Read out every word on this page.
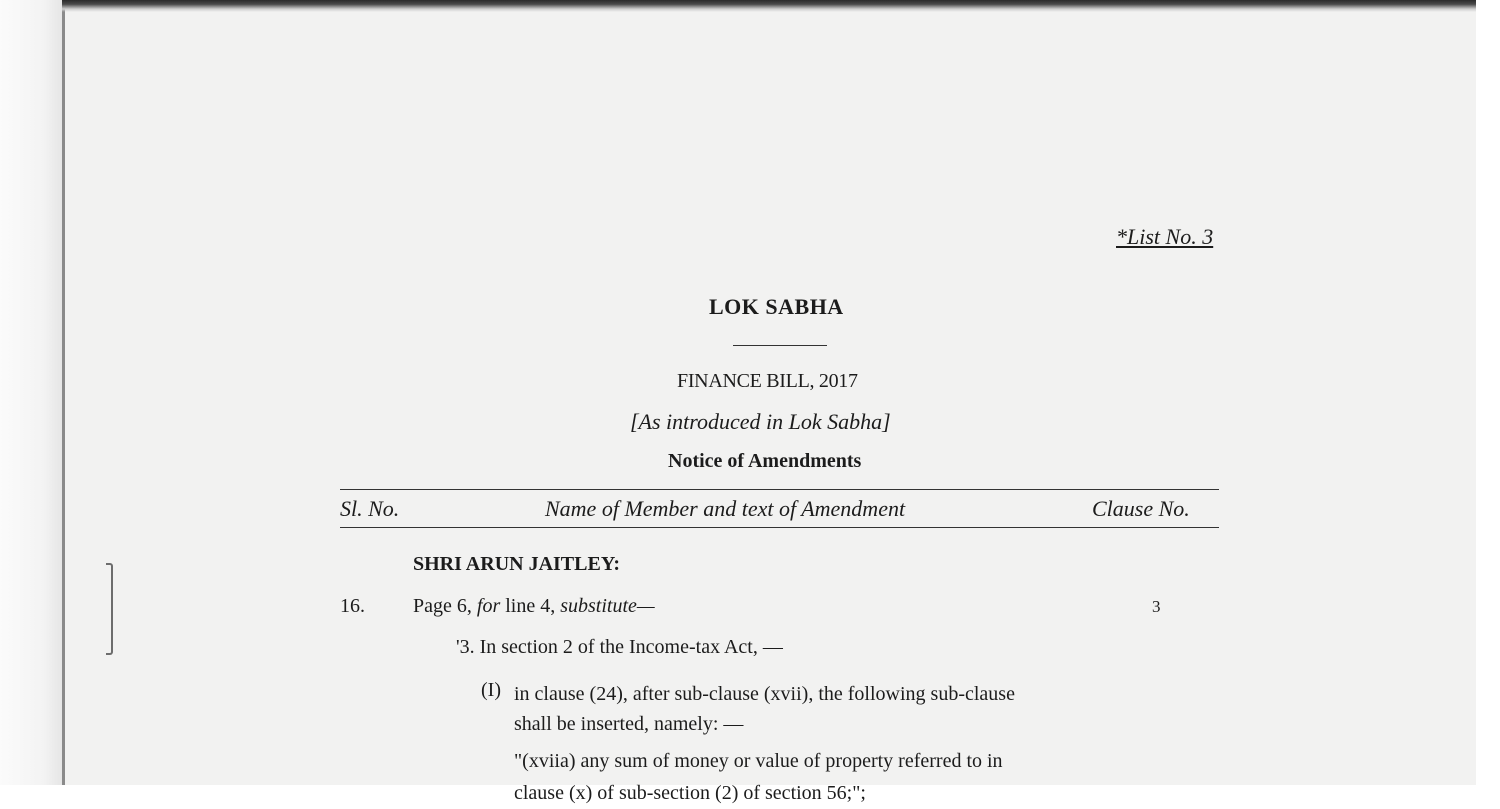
*List No. 3

LOK SABHA

FINANCE BILL, 2017

[As introduced in Lok Sabha]

Notice of Amendments

Sl. No.	Name of Member and text of Amendment	Clause No.

SHRI ARUN JAITLEY:

16. Page 6, for line 4, substitute—	3

'3. In section 2 of the Income-tax Act, —

(I) in clause (24), after sub-clause (xvii), the following sub-clause
shall be inserted, namely: —
"(xviia) any sum of money or value of property referred to in
clause (x) of sub-section (2) of section 56;";
